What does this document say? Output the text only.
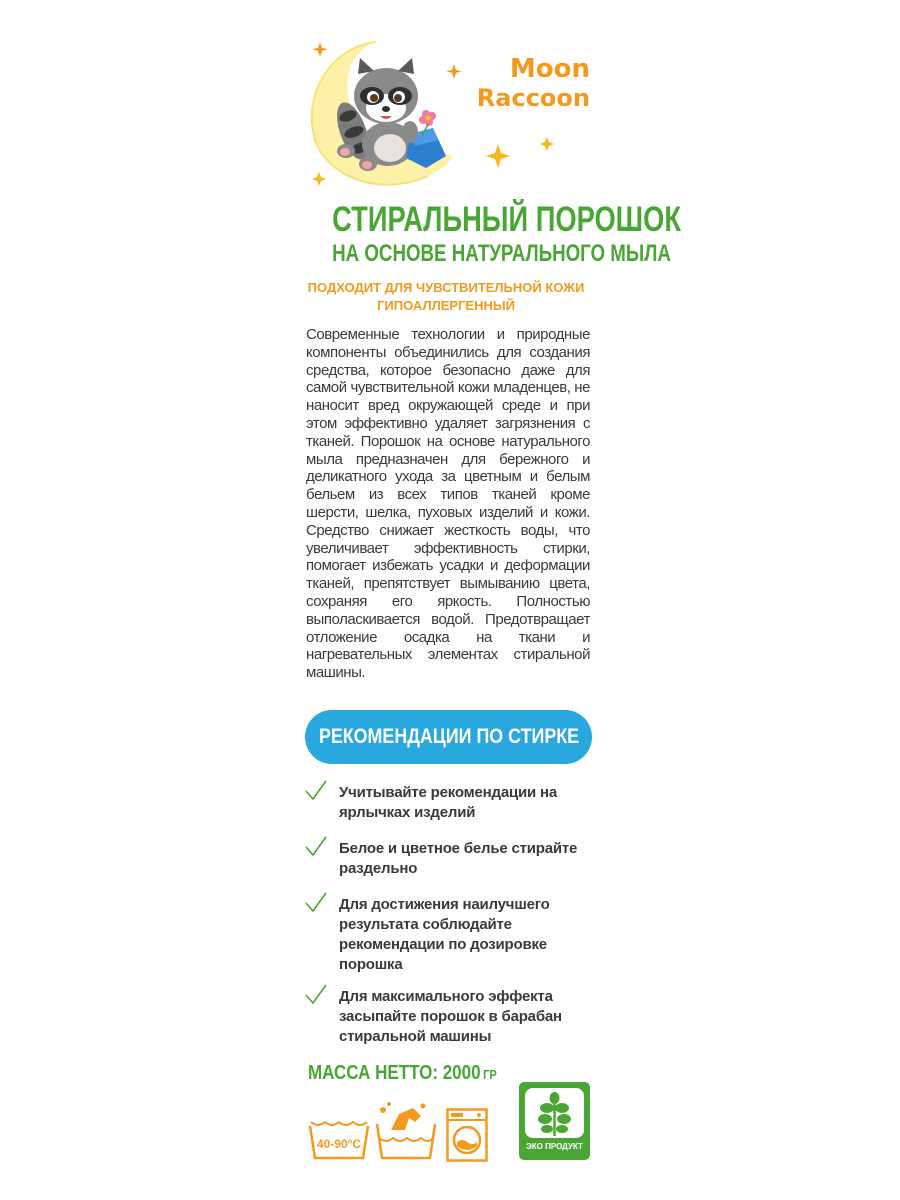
Moon
Raccoon
СТИРАЛЬНЫЙ ПОРОШОК
НА ОСНОВЕ НАТУРАЛЬНОГО МЫЛА
ПОДХОДИТ ДЛЯ ЧУВСТВИТЕЛЬНОЙ КОЖИ
ГИПОАЛЛЕРГЕННЫЙ
Современные технологии и природные компоненты объединились для создания средства, которое безопасно даже для самой чувствительной кожи младенцев, не наносит вред окружающей среде и при этом эффективно удаляет загрязнения с тканей. Порошок на основе натурального мыла предназначен для бережного и деликатного ухода за цветным и белым бельем из всех типов тканей кроме шерсти, шелка, пуховых изделий и кожи. Средство снижает жесткость воды, что увеличивает эффективность стирки, помогает избежать усадки и деформации тканей, препятствует вымыванию цвета, сохраняя его яркость. Полностью выполаскивается водой. Предотвращает отложение осадка на ткани и нагревательных элементах стиральной машины.
РЕКОМЕНДАЦИИ ПО СТИРКЕ
Учитывайте рекомендации на ярлычках изделий
Белое и цветное белье стирайте раздельно
Для достижения наилучшего результата соблюдайте рекомендации по дозировке порошка
Для максимального эффекта засыпайте порошок в барабан стиральной машины
МАССА НЕТТО: 2000 ГР
40-90°C	ЭКО ПРОДУКТ
